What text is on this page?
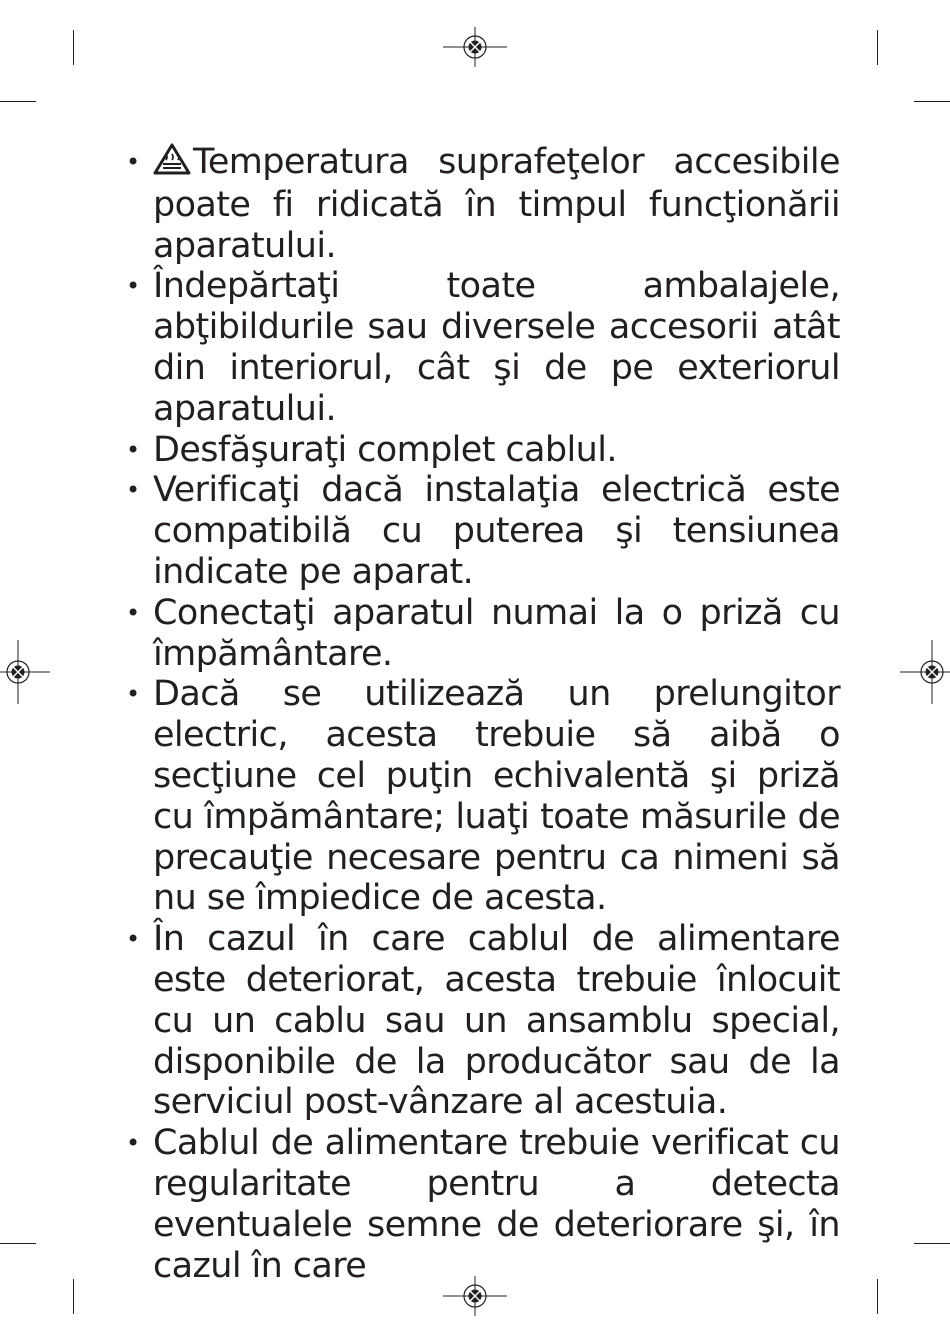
• Temperatura suprafeţelor accesibile poate fi ridicată în timpul funcţionării aparatului.
• Îndepărtaţi toate ambalajele, abţibildurile sau diversele accesorii atât din interiorul, cât şi de pe exteriorul aparatului.
• Desfăşuraţi complet cablul.
• Verificaţi dacă instalaţia electrică este compatibilă cu puterea şi tensiunea indicate pe aparat.
• Conectaţi aparatul numai la o priză cu împământare.
• Dacă se utilizează un prelungitor electric, acesta trebuie să aibă o secţiune cel puţin echivalentă şi priză cu împământare; luaţi toate măsurile de precauţie necesare pentru ca nimeni să nu se împiedice de acesta.
• În cazul în care cablul de alimentare este deteriorat, acesta trebuie înlocuit cu un cablu sau un ansamblu special, disponibile de la producător sau de la serviciul post-vânzare al acestuia.
• Cablul de alimentare trebuie verificat cu regularitate pentru a detecta eventualele semne de deteriorare şi, în cazul în care
